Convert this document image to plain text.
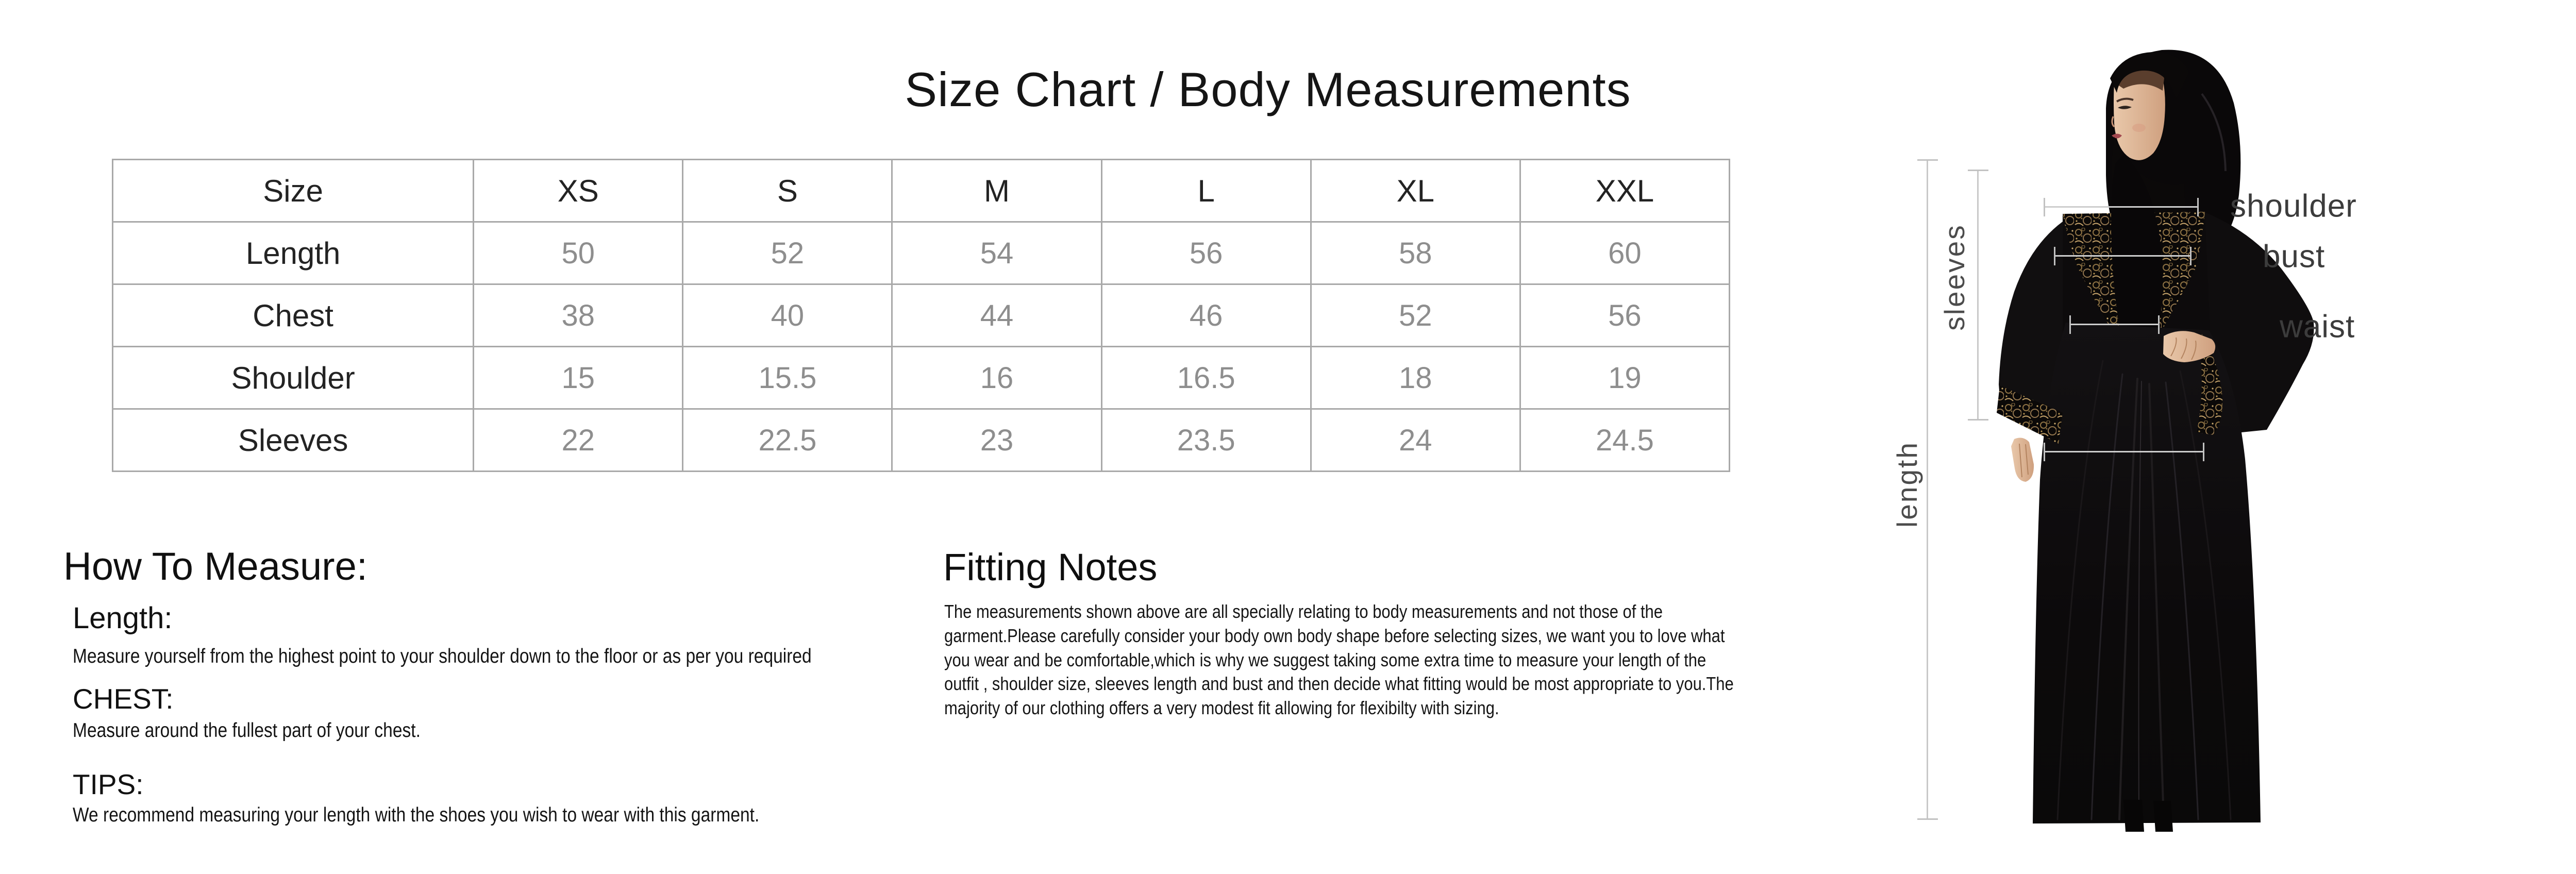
Size Chart / Body Measurements
Size	XS	S	M	L	XL	XXL
Length	50	52	54	56	58	60
Chest	38	40	44	46	52	56
Shoulder	15	15.5	16	16.5	18	19
Sleeves	22	22.5	23	23.5	24	24.5
How To Measure:
Length:
Measure yourself from the highest point to your shoulder down to the floor or as per you required
CHEST:
Measure around the fullest part of your chest.
TIPS:
We recommend measuring your length with the shoes you wish to wear with this garment.
Fitting Notes
The measurements shown above are all specially relating to body measurements and not those of the garment.Please carefully consider your body own body shape before selecting sizes, we want you to love what you wear and be comfortable,which is why we suggest taking some extra time to measure your length of the outfit , shoulder size, sleeves length and bust and then decide what fitting would be most appropriate to you.The majority of our clothing offers a very modest fit allowing for flexibilty with sizing.
sleeves
length
shoulder
bust
waist
